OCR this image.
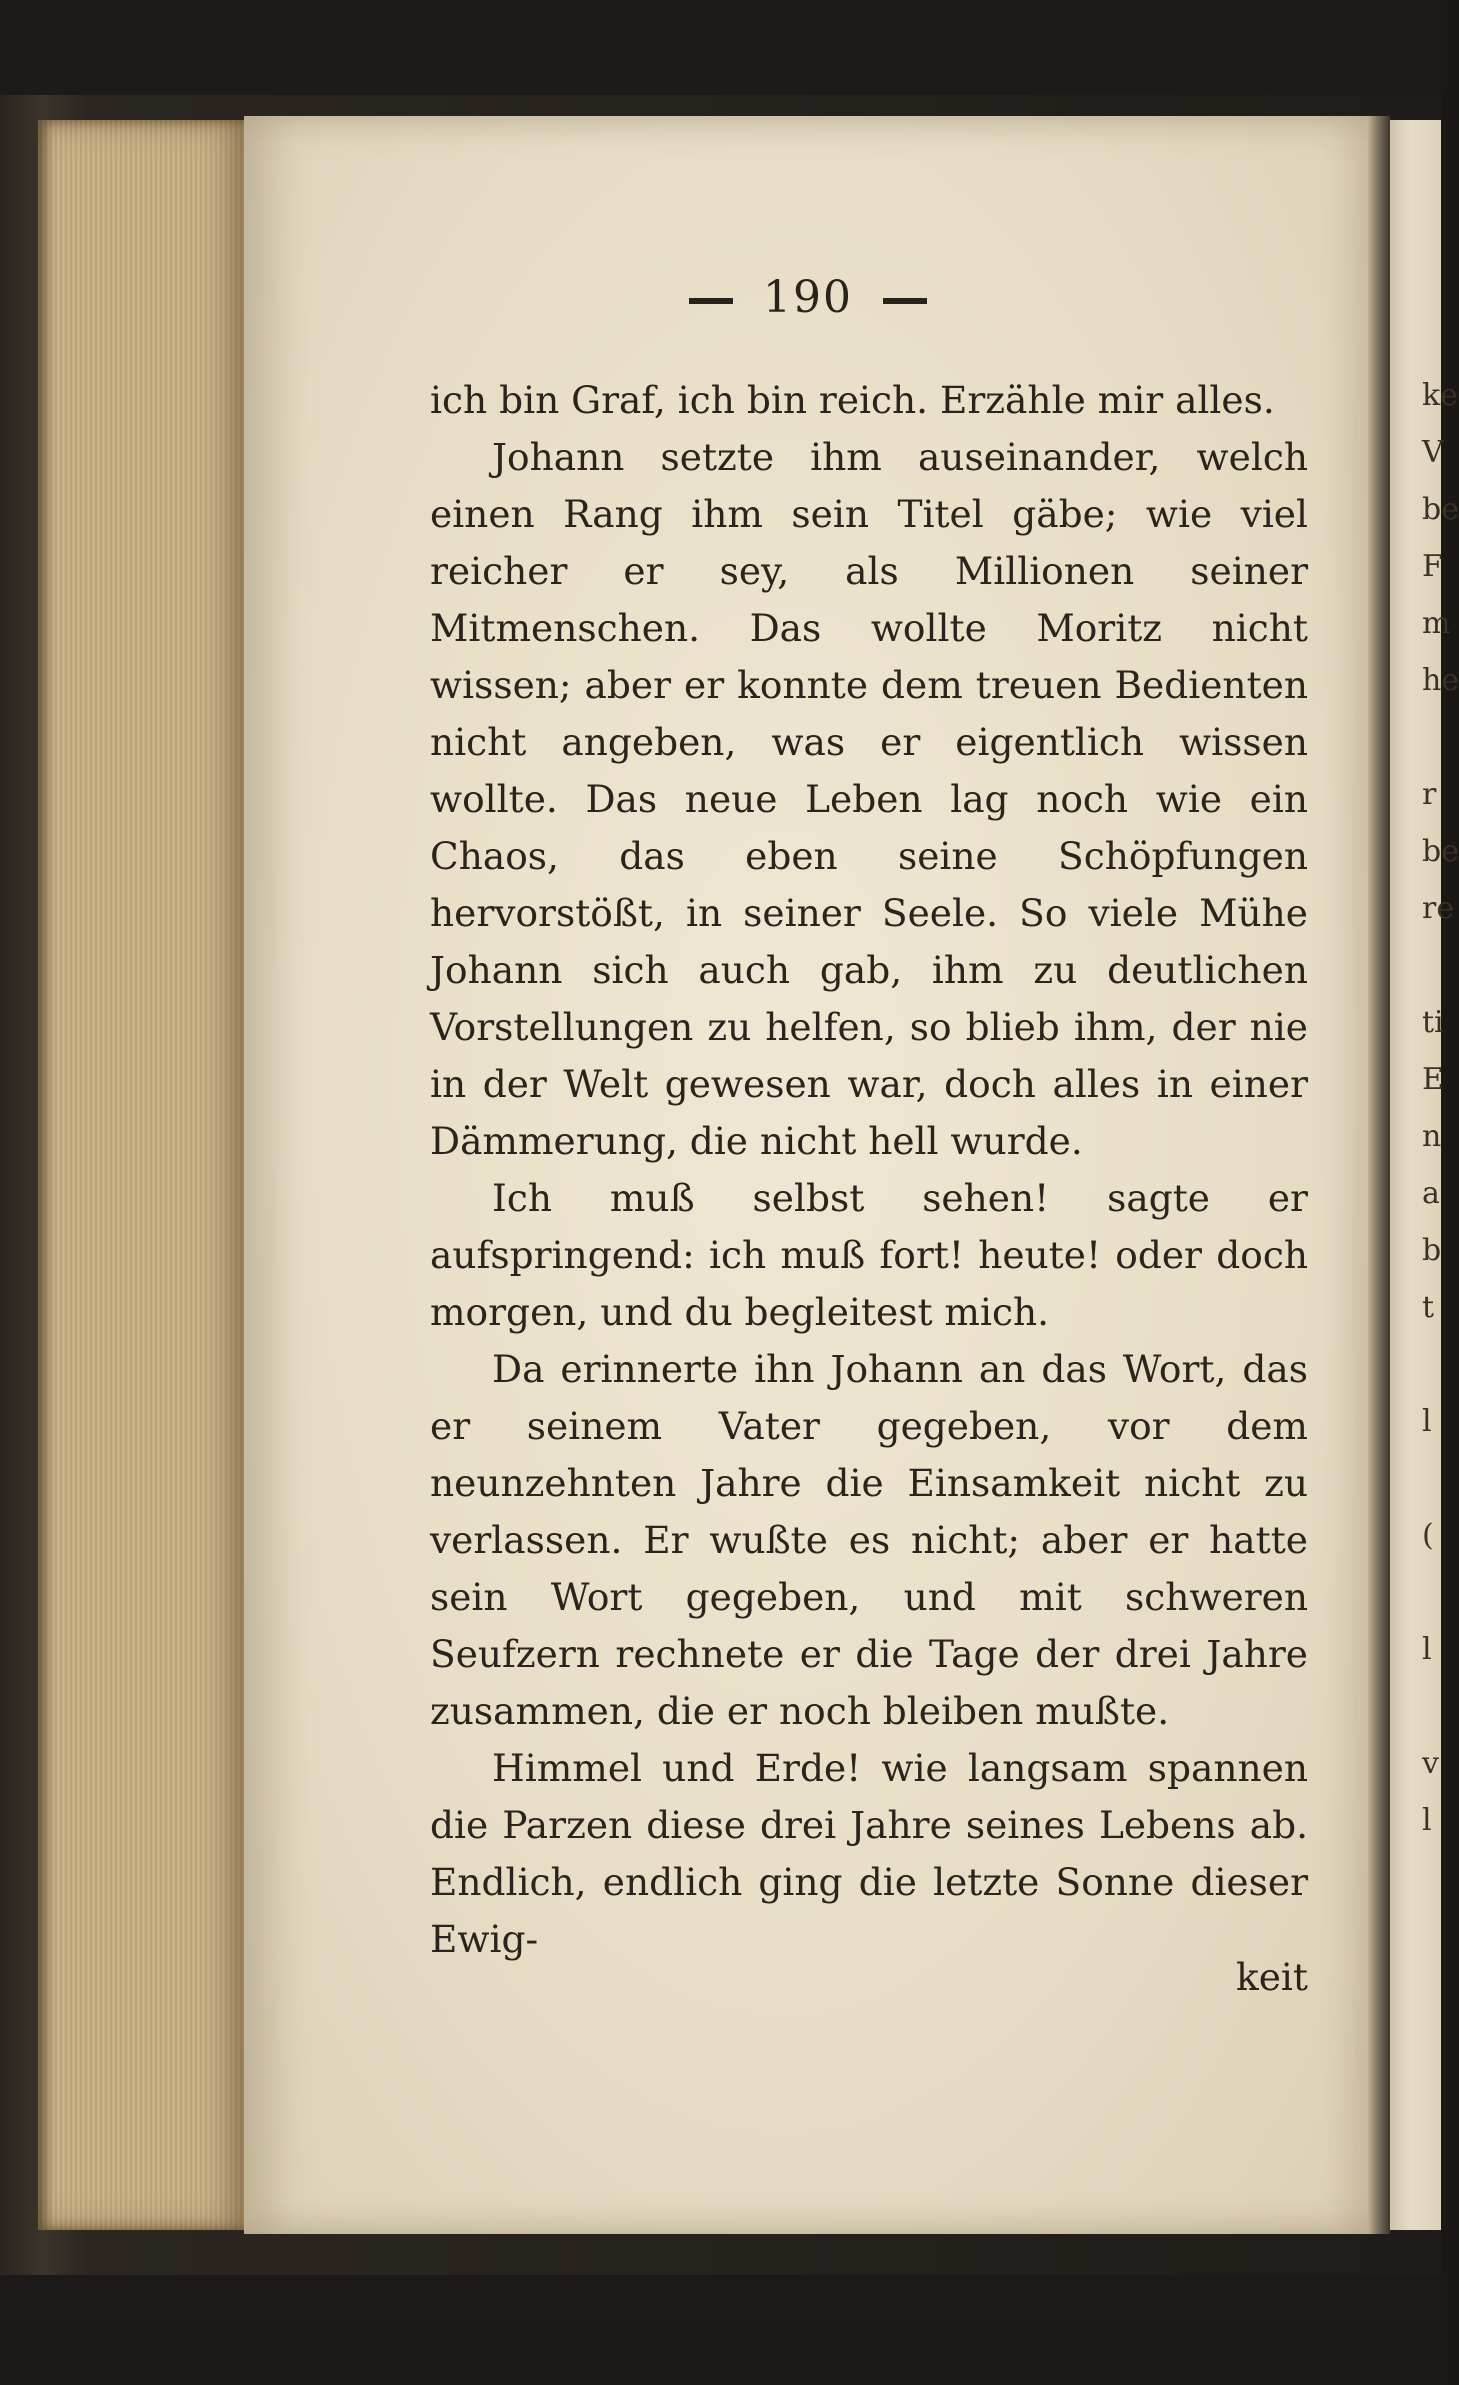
ke
V
be
F
m
he
r
be
re
ti
E
n
a
b
t
l
(
l
v
l
190

ich bin Graf, ich bin reich. Erzähle mir alles.

Johann setzte ihm auseinander, welch einen Rang ihm sein Titel gäbe; wie viel reicher er sey, als Millionen seiner Mitmenschen. Das wollte Moritz nicht wissen; aber er konnte dem treuen Bedienten nicht angeben, was er eigentlich wissen wollte. Das neue Leben lag noch wie ein Chaos, das eben seine Schöpfungen hervorstößt, in seiner Seele. So viele Mühe Johann sich auch gab, ihm zu deutlichen Vorstellungen zu helfen, so blieb ihm, der nie in der Welt gewesen war, doch alles in einer Dämmerung, die nicht hell wurde.

Ich muß selbst sehen! sagte er aufspringend: ich muß fort! heute! oder doch morgen, und du begleitest mich.

Da erinnerte ihn Johann an das Wort, das er seinem Vater gegeben, vor dem neunzehnten Jahre die Einsamkeit nicht zu verlassen. Er wußte es nicht; aber er hatte sein Wort gegeben, und mit schweren Seufzern rechnete er die Tage der drei Jahre zusammen, die er noch bleiben mußte.

Himmel und Erde! wie langsam spannen die Parzen diese drei Jahre seines Lebens ab. Endlich, endlich ging die letzte Sonne dieser Ewig-

keit
